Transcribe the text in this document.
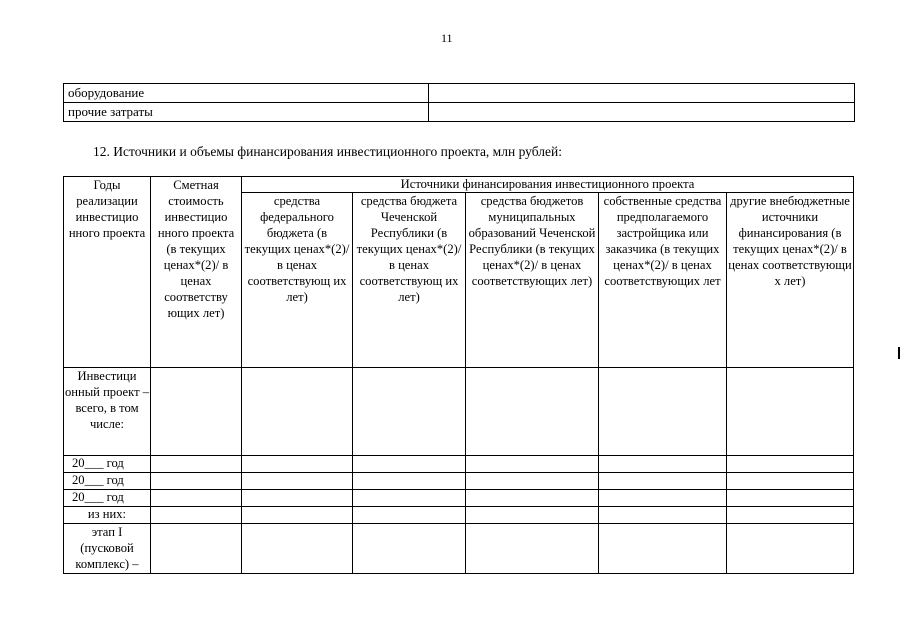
11
оборудование	
прочие затраты	
12. Источники и объемы финансирования инвестиционного проекта, млн рублей:
Годы реализации инвестицио нного проекта	Сметная стоимость инвестицио нного проекта (в текущих ценах*(2)/ в ценах соответству ющих лет)	Источники финансирования инвестиционного проекта				
		средства федерального бюджета (в текущих ценах*(2)/ в ценах соответствующ их лет)	средства бюджета Чеченской Республики (в текущих ценах*(2)/ в ценах соответствующ их лет)	средства бюджетов муниципальных образований Чеченской Республики (в текущих ценах*(2)/ в ценах соответствующих лет)	собственные средства предполагаемого застройщика или заказчика (в текущих ценах*(2)/ в ценах соответствующих лет	другие внебюджетные источники финансирования (в текущих ценах*(2)/ в ценах соответствующи х лет)
Инвестици онный проект – всего, в том числе:						
20___ год						
20___ год						
20___ год						
из них:						
этап I (пусковой комплекс) –						
